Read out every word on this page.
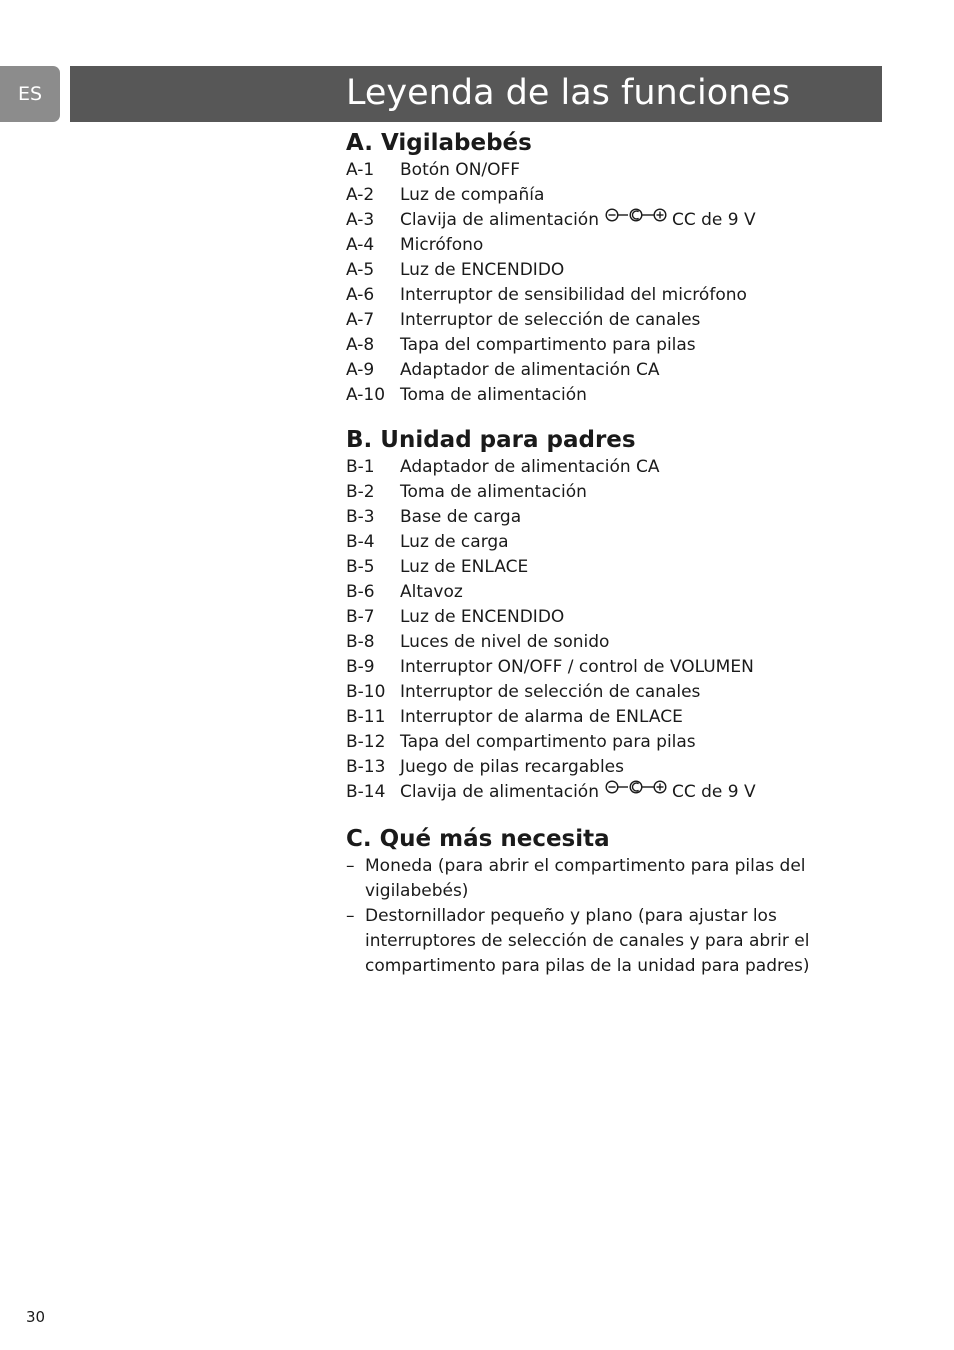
ES	Leyenda de las funciones
A. Vigilabebés
A-1	Botón ON/OFF
A-2	Luz de compañía
A-3	Clavija de alimentación	CC de 9 V
A-4	Micrófono
A-5	Luz de ENCENDIDO
A-6	Interruptor de sensibilidad del micrófono
A-7	Interruptor de selección de canales
A-8	Tapa del compartimento para pilas
A-9	Adaptador de alimentación CA
A-10 Toma de alimentación
B. Unidad para padres
B-1	Adaptador de alimentación CA
B-2	Toma de alimentación
B-3	Base de carga
B-4	Luz de carga
B-5	Luz de ENLACE
B-6	Altavoz
B-7	Luz de ENCENDIDO
B-8	Luces de nivel de sonido
B-9	Interruptor ON/OFF / control de VOLUMEN
B-10 Interruptor de selección de canales
B-11 Interruptor de alarma de ENLACE
B-12 Tapa del compartimento para pilas
B-13 Juego de pilas recargables
B-14 Clavija de alimentación	CC de 9 V
C. Qué más necesita
– Moneda (para abrir el compartimento para pilas del
vigilabebés)
– Destornillador pequeño y plano (para ajustar los
interruptores de selección de canales y para abrir el
compartimento para pilas de la unidad para padres)
30
